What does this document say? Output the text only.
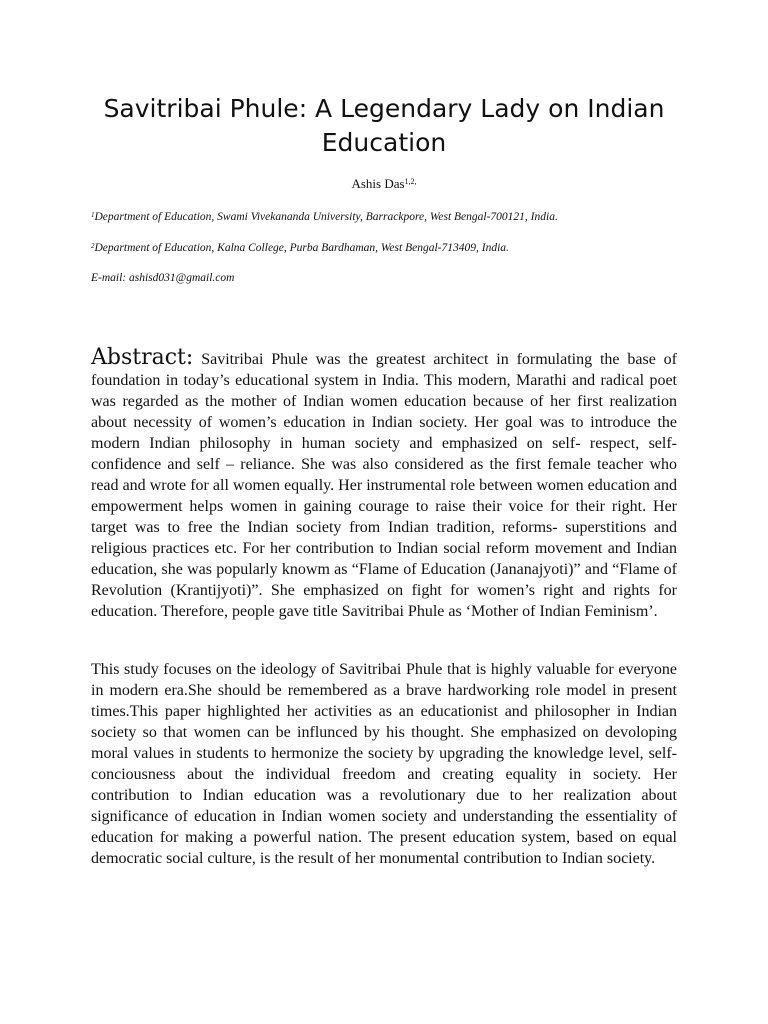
Savitribai Phule: A Legendary Lady on Indian Education
Ashis Das$^{1,2,}$
$^1$Department of Education, Swami Vivekananda University, Barrackpore, West Bengal-700121, India.
$^2$Department of Education, Kalna College, Purba Bardhaman, West Bengal-713409, India.
E-mail: ashisd031@gmail.com

Abstract: Savitribai Phule was the greatest architect in formulating the base of foundation in today’s educational system in India. This modern, Marathi and radical poet was regarded as the mother of Indian women education because of her first realization about necessity of women’s education in Indian society. Her goal was to introduce the modern Indian philosophy in human society and emphasized on self- respect, self- confidence and self – reliance. She was also considered as the first female teacher who read and wrote for all women equally. Her instrumental role between women education and empowerment helps women in gaining courage to raise their voice for their right. Her target was to free the Indian society from Indian tradition, reforms- superstitions and religious practices etc. For her contribution to Indian social reform movement and Indian education, she was popularly knowm as “Flame of Education (Jananajyoti)” and “Flame of Revolution (Krantijyoti)”. She emphasized on fight for women’s right and rights for education. Therefore, people gave title Savitribai Phule as ‘Mother of Indian Feminism’.

This study focuses on the ideology of Savitribai Phule that is highly valuable for everyone in modern era.She should be remembered as a brave hardworking role model in present times.This paper highlighted her activities as an educationist and philosopher in Indian society so that women can be influnced by his thought. She emphasized on devoloping moral values in students to hermonize the society by upgrading the knowledge level, self-conciousness about the individual freedom and creating equality in society. Her contribution to Indian education was a revolutionary due to her realization about significance of education in Indian women society and understanding the essentiality of education for making a powerful nation. The present education system, based on equal democratic social culture, is the result of her monumental contribution to Indian society.
